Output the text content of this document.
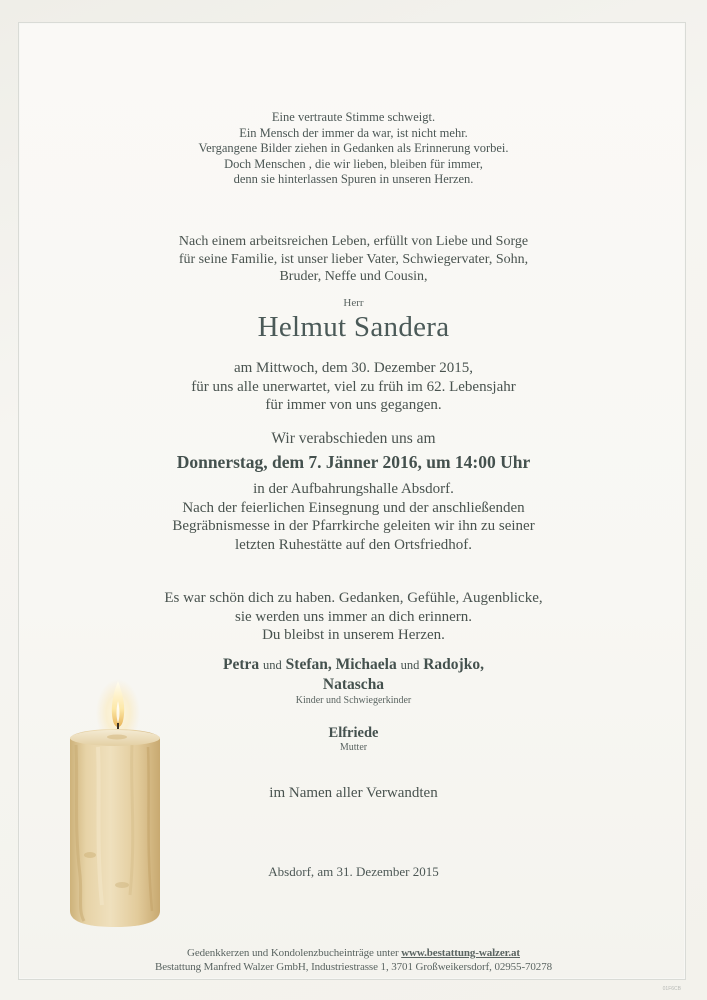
Eine vertraute Stimme schweigt.
Ein Mensch der immer da war, ist nicht mehr.
Vergangene Bilder ziehen in Gedanken als Erinnerung vorbei.
Doch Menschen , die wir lieben, bleiben für immer,
denn sie hinterlassen Spuren in unseren Herzen.
Nach einem arbeitsreichen Leben, erfüllt von Liebe und Sorge
für seine Familie, ist unser lieber Vater, Schwiegervater, Sohn,
Bruder, Neffe und Cousin,
Herr
Helmut Sandera
am Mittwoch, dem 30. Dezember 2015,
für uns alle unerwartet, viel zu früh im 62. Lebensjahr
für immer von uns gegangen.
Wir verabschieden uns am
Donnerstag, dem 7. Jänner 2016, um 14:00 Uhr
in der Aufbahrungshalle Absdorf.
Nach der feierlichen Einsegnung und der anschließenden
Begräbnismesse in der Pfarrkirche geleiten wir ihn zu seiner
letzten Ruhestätte auf den Ortsfriedhof.
Es war schön dich zu haben. Gedanken, Gefühle, Augenblicke,
sie werden uns immer an dich erinnern.
Du bleibst in unserem Herzen.
Petra und Stefan, Michaela und Radojko,
Natascha
Kinder und Schwiegerkinder
Elfriede
Mutter
im Namen aller Verwandten
Absdorf, am 31. Dezember 2015
Gedenkkerzen und Kondolenzbucheinträge unter www.bestattung-walzer.at
Bestattung Manfred Walzer GmbH, Industriestrasse 1, 3701 Großweikersdorf, 02955-70278
01F6CB
